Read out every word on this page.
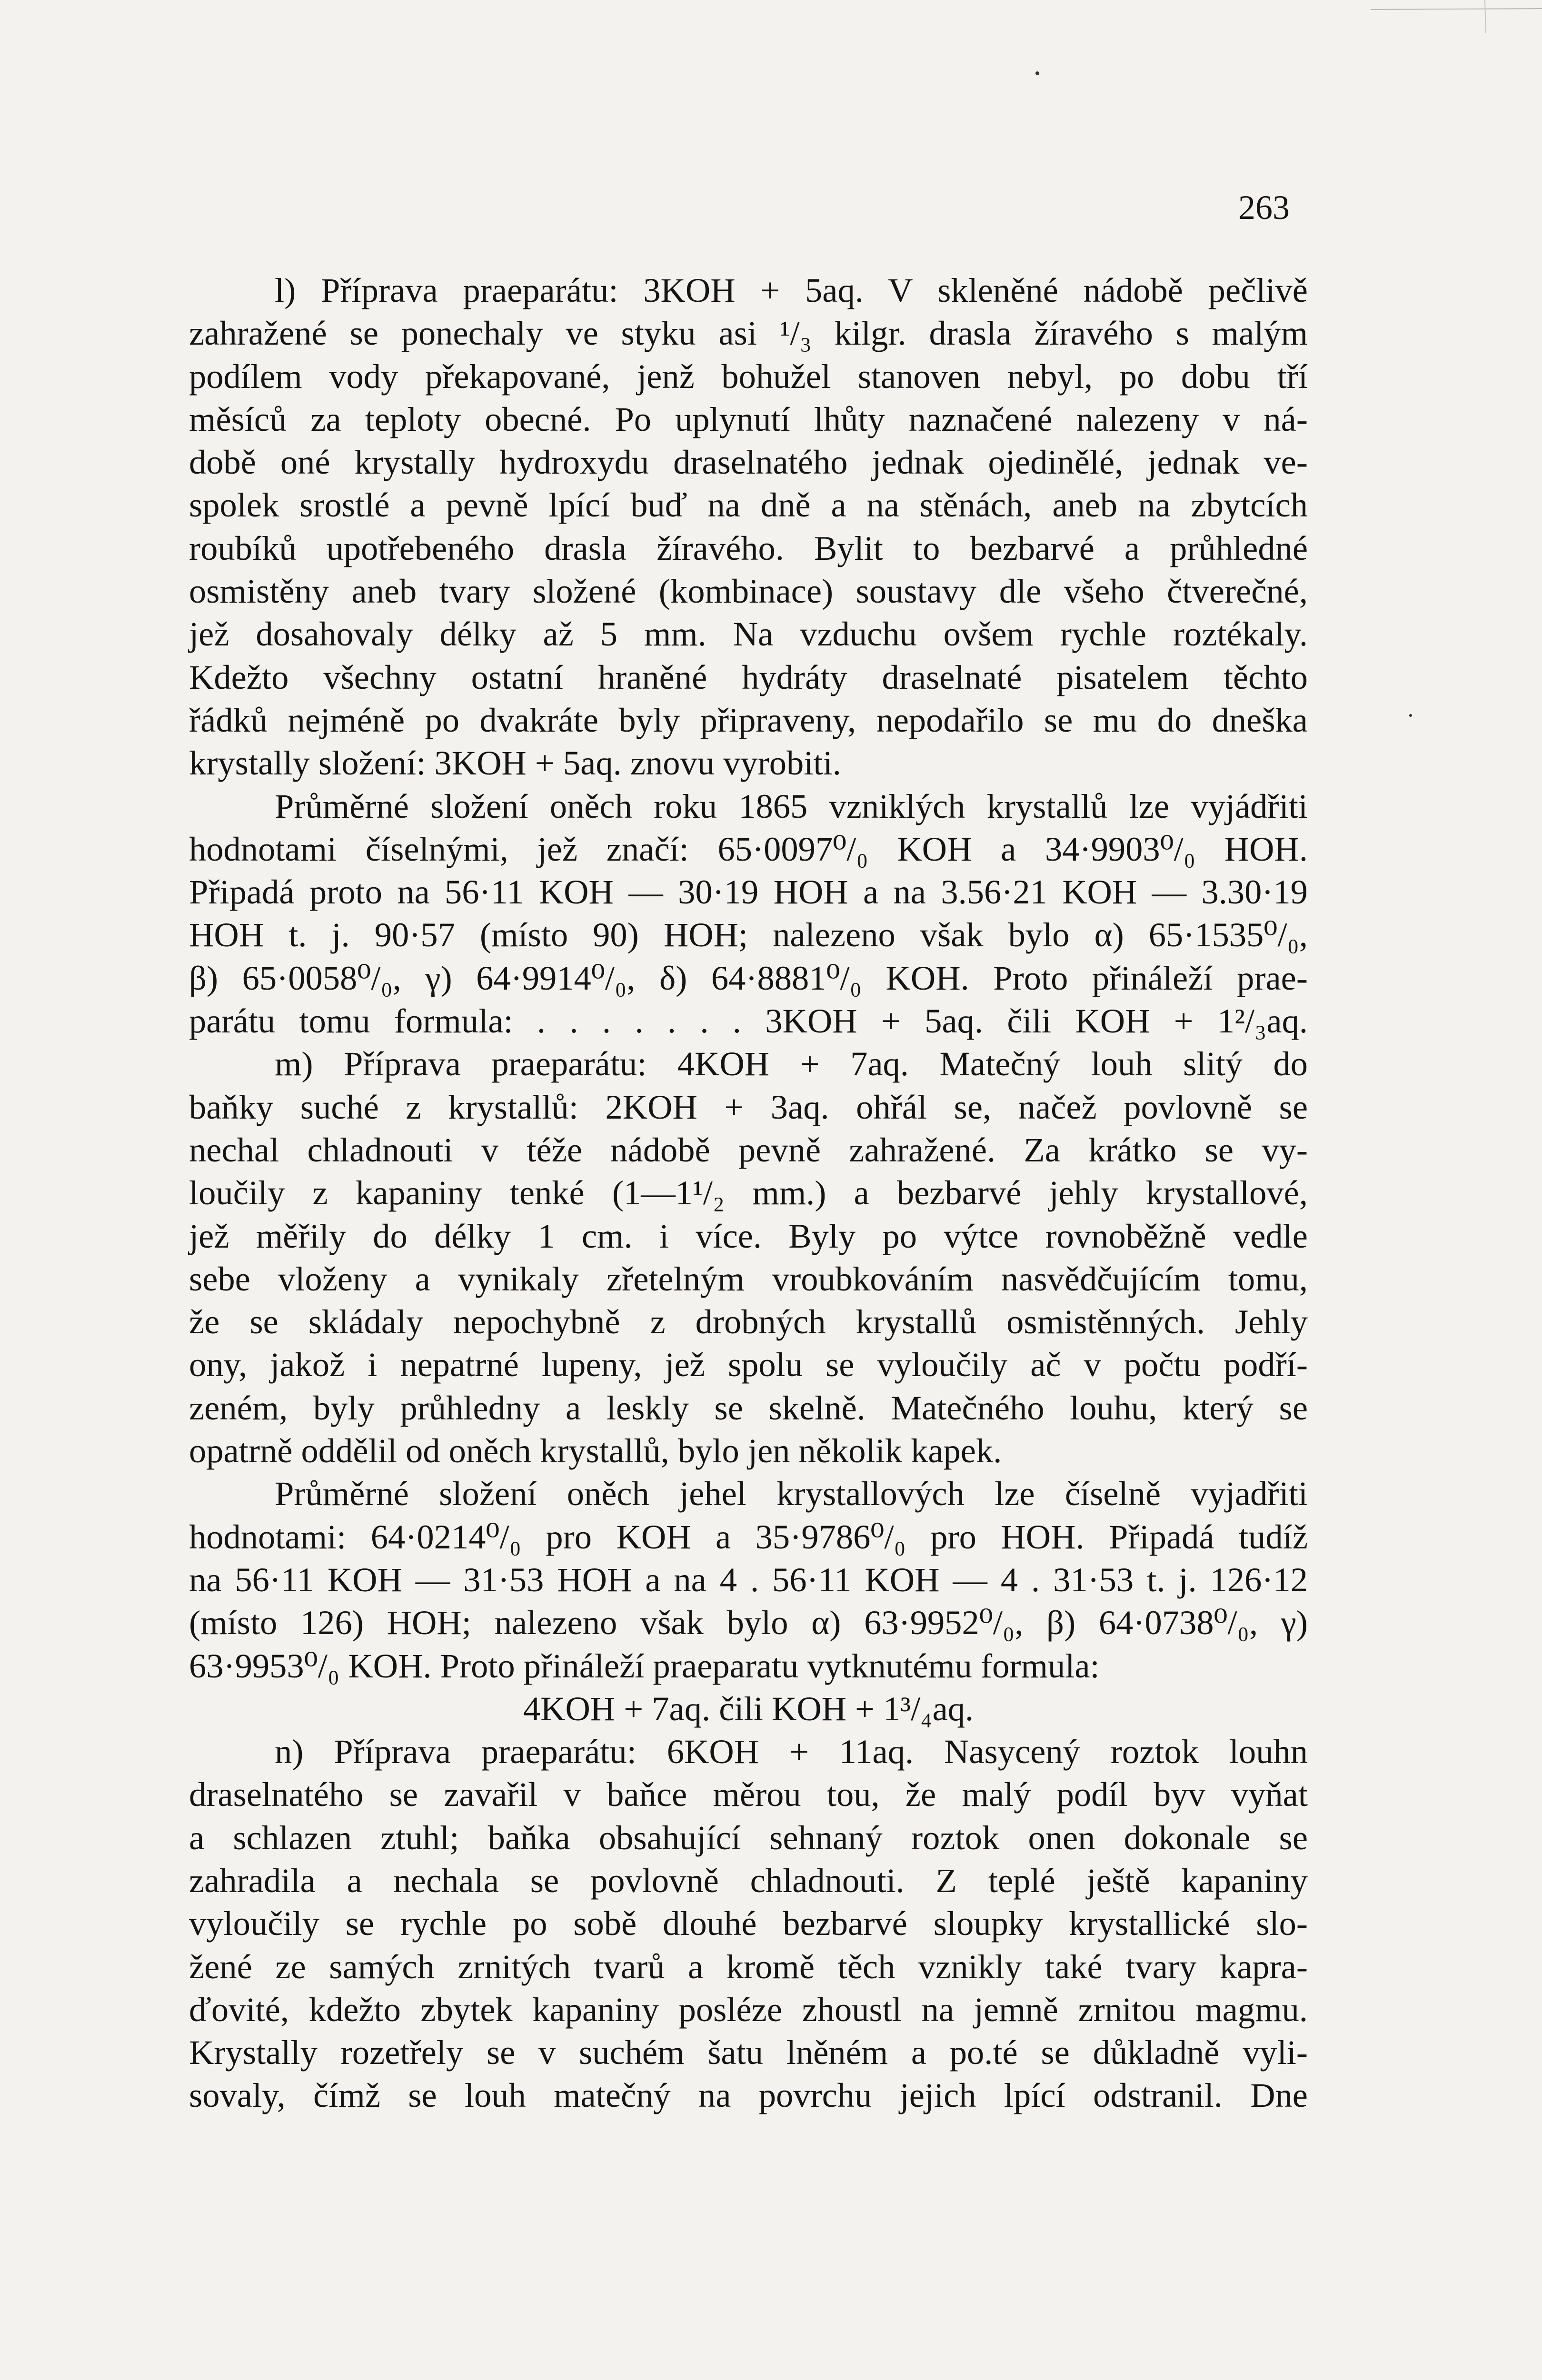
263
l) Příprava praeparátu: 3KOH + 5aq. V skleněné nádobě pečlivě
zahražené se ponechaly ve styku asi ¹/₃ kilgr. drasla žíravého s malým
podílem vody překapované, jenž bohužel stanoven nebyl, po dobu tří
měsíců za teploty obecné. Po uplynutí lhůty naznačené nalezeny v ná-
době oné krystally hydroxydu draselnatého jednak ojedinělé, jednak ve-
spolek srostlé a pevně lpící buď na dně a na stěnách, aneb na zbytcích
roubíků upotřebeného drasla žíravého. Bylit to bezbarvé a průhledné
osmistěny aneb tvary složené (kombinace) soustavy dle všeho čtverečné,
jež dosahovaly délky až 5 mm. Na vzduchu ovšem rychle roztékaly.
Kdežto všechny ostatní hraněné hydráty draselnaté pisatelem těchto
řádků nejméně po dvakráte byly připraveny, nepodařilo se mu do dneška
krystally složení: 3KOH + 5aq. znovu vyrobiti.
Průměrné složení oněch roku 1865 vzniklých krystallů lze vyjádřiti
hodnotami číselnými, jež značí: 65·0097⁰/₀ KOH a 34·9903⁰/₀ HOH.
Připadá proto na 56·11 KOH — 30·19 HOH a na 3.56·21 KOH — 3.30·19
HOH t. j. 90·57 (místo 90) HOH; nalezeno však bylo α) 65·1535⁰/₀,
β) 65·0058⁰/₀, γ) 64·9914⁰/₀, δ) 64·8881⁰/₀ KOH. Proto přináleží prae-
parátu tomu formula: . . . . . . . 3KOH + 5aq. čili KOH + 1²/₃aq.
m) Příprava praeparátu: 4KOH + 7aq. Matečný louh slitý do
baňky suché z krystallů: 2KOH + 3aq. ohřál se, načež povlovně se
nechal chladnouti v téže nádobě pevně zahražené. Za krátko se vy-
loučily z kapaniny tenké (1—1¹/₂ mm.) a bezbarvé jehly krystallové,
jež měřily do délky 1 cm. i více. Byly po výtce rovnoběžně vedle
sebe vloženy a vynikaly zřetelným vroubkováním nasvědčujícím tomu,
že se skládaly nepochybně z drobných krystallů osmistěnných. Jehly
ony, jakož i nepatrné lupeny, jež spolu se vyloučily ač v počtu podří-
zeném, byly průhledny a leskly se skelně. Matečného louhu, který se
opatrně oddělil od oněch krystallů, bylo jen několik kapek.
Průměrné složení oněch jehel krystallových lze číselně vyjadřiti
hodnotami: 64·0214⁰/₀ pro KOH a 35·9786⁰/₀ pro HOH. Připadá tudíž
na 56·11 KOH — 31·53 HOH a na 4 . 56·11 KOH — 4 . 31·53 t. j. 126·12
(místo 126) HOH; nalezeno však bylo α) 63·9952⁰/₀, β) 64·0738⁰/₀, γ)
63·9953⁰/₀ KOH. Proto přináleží praeparatu vytknutému formula:
4KOH + 7aq. čili KOH + 1³/₄aq.
n) Příprava praeparátu: 6KOH + 11aq. Nasycený roztok louhn
draselnatého se zavařil v baňce měrou tou, že malý podíl byv vyňat
a schlazen ztuhl; baňka obsahující sehnaný roztok onen dokonale se
zahradila a nechala se povlovně chladnouti. Z teplé ještě kapaniny
vyloučily se rychle po sobě dlouhé bezbarvé sloupky krystallické slo-
žené ze samých zrnitých tvarů a kromě těch vznikly také tvary kapra-
ďovité, kdežto zbytek kapaniny posléze zhoustl na jemně zrnitou magmu.
Krystally rozetřely se v suchém šatu lněném a po.té se důkladně vyli-
sovaly, čímž se louh matečný na povrchu jejich lpící odstranil. Dne
